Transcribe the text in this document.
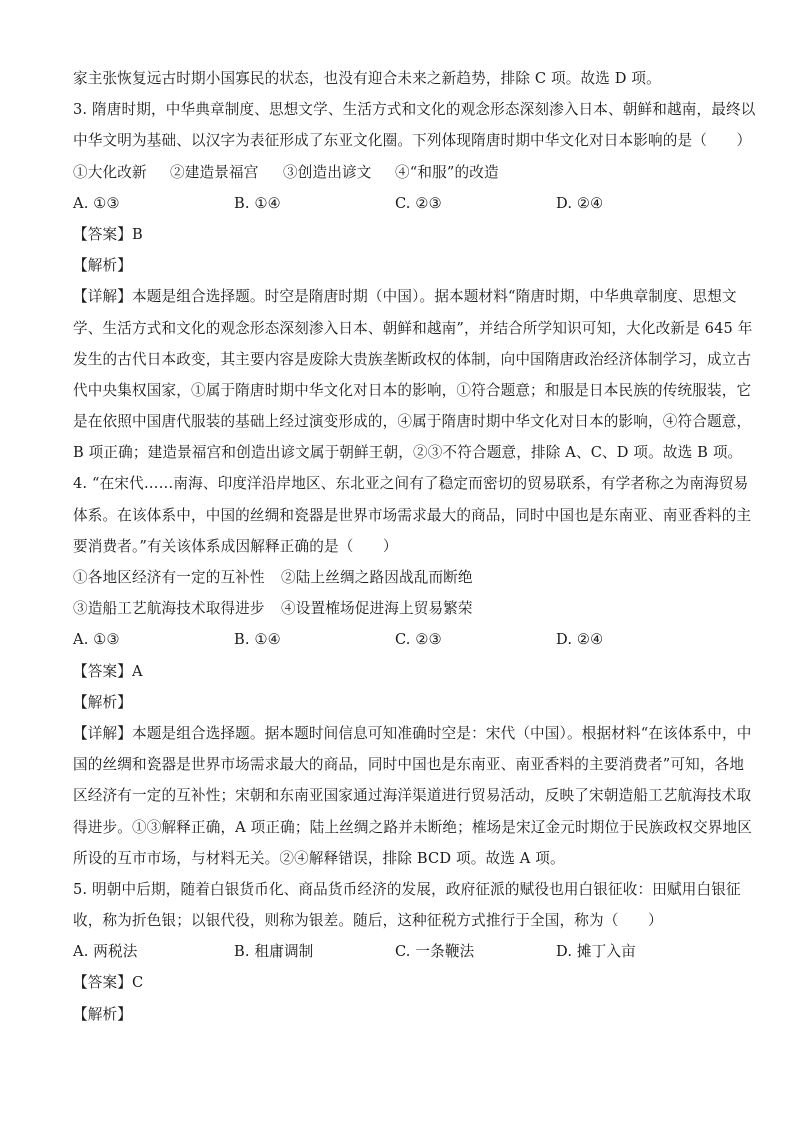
家主张恢复远古时期小国寡民的状态，也没有迎合未来之新趋势，排除 C 项。故选 D 项。
3. 隋唐时期，中华典章制度、思想文学、生活方式和文化的观念形态深刻渗入日本、朝鲜和越南，最终以
中华文明为基础、以汉字为表征形成了东亚文化圈。下列体现隋唐时期中华文化对日本影响的是（　　）
①大化改新 ②建造景福宫 ③创造出谚文 ④“和服”的改造
A. ①③	B. ①④	C. ②③	D. ②④
【答案】B
【解析】
【详解】本题是组合选择题。时空是隋唐时期（中国）。据本题材料“隋唐时期，中华典章制度、思想文
学、生活方式和文化的观念形态深刻渗入日本、朝鲜和越南”，并结合所学知识可知，大化改新是 645 年
发生的古代日本政变，其主要内容是废除大贵族垄断政权的体制，向中国隋唐政治经济体制学习，成立古
代中央集权国家，①属于隋唐时期中华文化对日本的影响，①符合题意；和服是日本民族的传统服装，它
是在依照中国唐代服装的基础上经过演变形成的，④属于隋唐时期中华文化对日本的影响，④符合题意，
B 项正确；建造景福宫和创造出谚文属于朝鲜王朝，②③不符合题意，排除 A、C、D 项。故选 B 项。
4. “在宋代……南海、印度洋沿岸地区、东北亚之间有了稳定而密切的贸易联系，有学者称之为南海贸易
体系。在该体系中，中国的丝绸和瓷器是世界市场需求最大的商品，同时中国也是东南亚、南亚香料的主
要消费者。”有关该体系成因解释正确的是（　　）
①各地区经济有一定的互补性 ②陆上丝绸之路因战乱而断绝
③造船工艺航海技术取得进步 ④设置榷场促进海上贸易繁荣
A. ①③	B. ①④	C. ②③	D. ②④
【答案】A
【解析】
【详解】本题是组合选择题。据本题时间信息可知准确时空是：宋代（中国）。根据材料“在该体系中，中
国的丝绸和瓷器是世界市场需求最大的商品，同时中国也是东南亚、南亚香料的主要消费者”可知，各地
区经济有一定的互补性；宋朝和东南亚国家通过海洋渠道进行贸易活动，反映了宋朝造船工艺航海技术取
得进步。①③解释正确，A 项正确；陆上丝绸之路并未断绝；榷场是宋辽金元时期位于民族政权交界地区
所设的互市市场，与材料无关。②④解释错误，排除 BCD 项。故选 A 项。
5. 明朝中后期，随着白银货币化、商品货币经济的发展，政府征派的赋役也用白银征收：田赋用白银征
收，称为折色银；以银代役，则称为银差。随后，这种征税方式推行于全国，称为（　　）
A. 两税法	B. 租庸调制	C. 一条鞭法	D. 摊丁入亩
【答案】C
【解析】
